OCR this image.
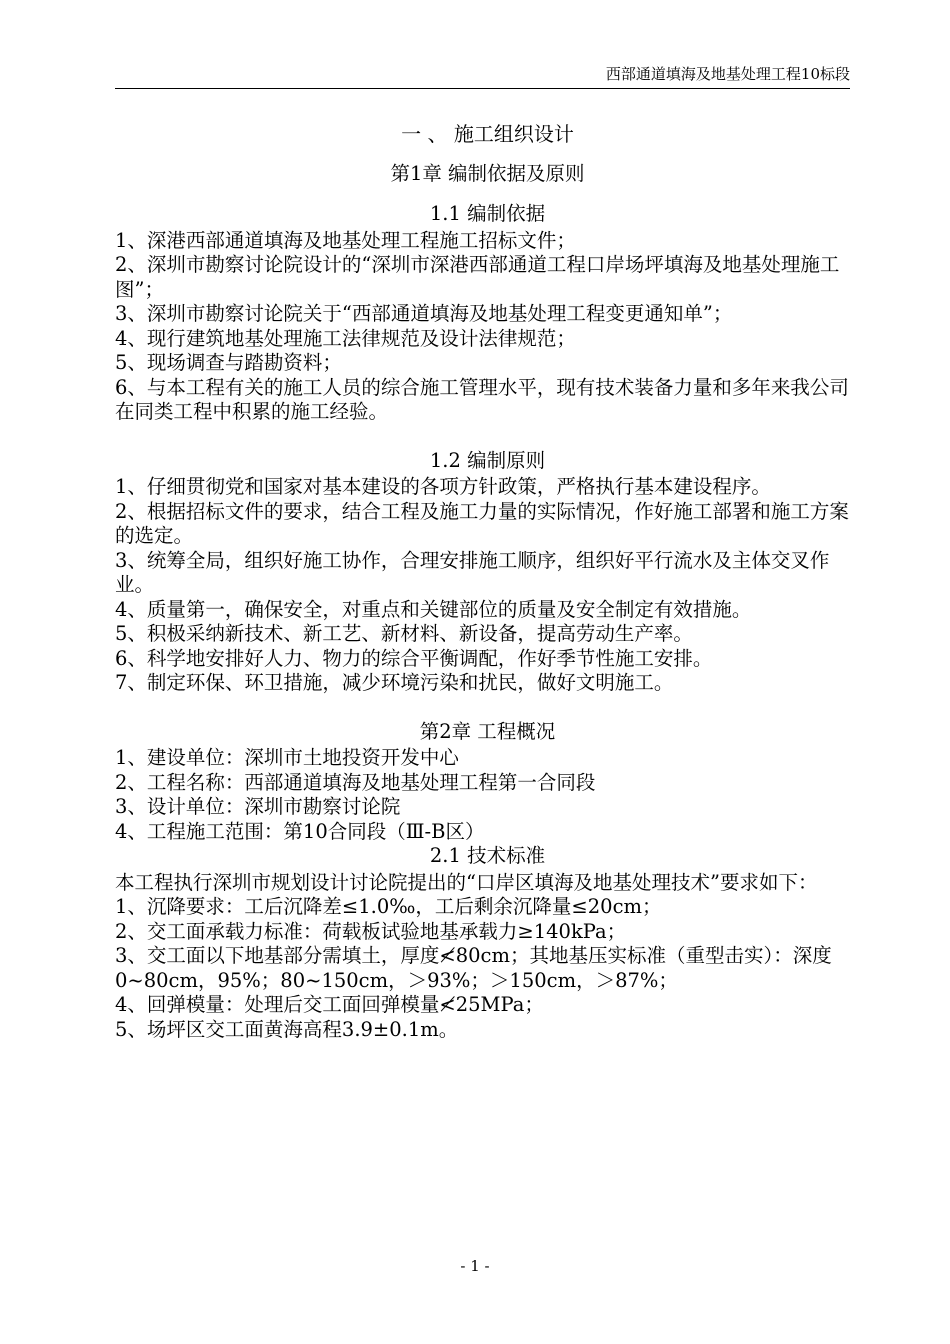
西部通道填海及地基处理工程10标段
一 、 施工组织设计
第1章 编制依据及原则
1.1 编制依据

1、深港西部通道填海及地基处理工程施工招标文件；

2、深圳市勘察讨论院设计的“深圳市深港西部通道工程口岸场坪填海及地基处理施工图”；

3、深圳市勘察讨论院关于“西部通道填海及地基处理工程变更通知单”；

4、现行建筑地基处理施工法律规范及设计法律规范；

5、现场调查与踏勘资料；

6、与本工程有关的施工人员的综合施工管理水平，现有技术装备力量和多年来我公司在同类工程中积累的施工经验。

1.2 编制原则

1、仔细贯彻党和国家对基本建设的各项方针政策，严格执行基本建设程序。

2、根据招标文件的要求，结合工程及施工力量的实际情况，作好施工部署和施工方案的选定。

3、统筹全局，组织好施工协作，合理安排施工顺序，组织好平行流水及主体交叉作业。

4、质量第一，确保安全，对重点和关键部位的质量及安全制定有效措施。

5、积极采纳新技术、新工艺、新材料、新设备，提高劳动生产率。

6、科学地安排好人力、物力的综合平衡调配，作好季节性施工安排。

7、制定环保、环卫措施，减少环境污染和扰民，做好文明施工。

第2章 工程概况

1、建设单位：深圳市土地投资开发中心

2、工程名称：西部通道填海及地基处理工程第一合同段

3、设计单位：深圳市勘察讨论院

4、工程施工范围：第10合同段（Ⅲ-B区）

2.1 技术标准

本工程执行深圳市规划设计讨论院提出的“口岸区填海及地基处理技术”要求如下：

1、沉降要求：工后沉降差≤1.0‰，工后剩余沉降量≤20cm；

2、交工面承载力标准：荷载板试验地基承载力≥140kPa；

3、交工面以下地基部分需填土，厚度≮80cm；其地基压实标准（重型击实）：深度0~80cm，95%；80~150cm，＞93%；＞150cm，＞87%；

4、回弹模量：处理后交工面回弹模量≮25MPa；

5、场坪区交工面黄海高程3.9±0.1m。

- 1 -
